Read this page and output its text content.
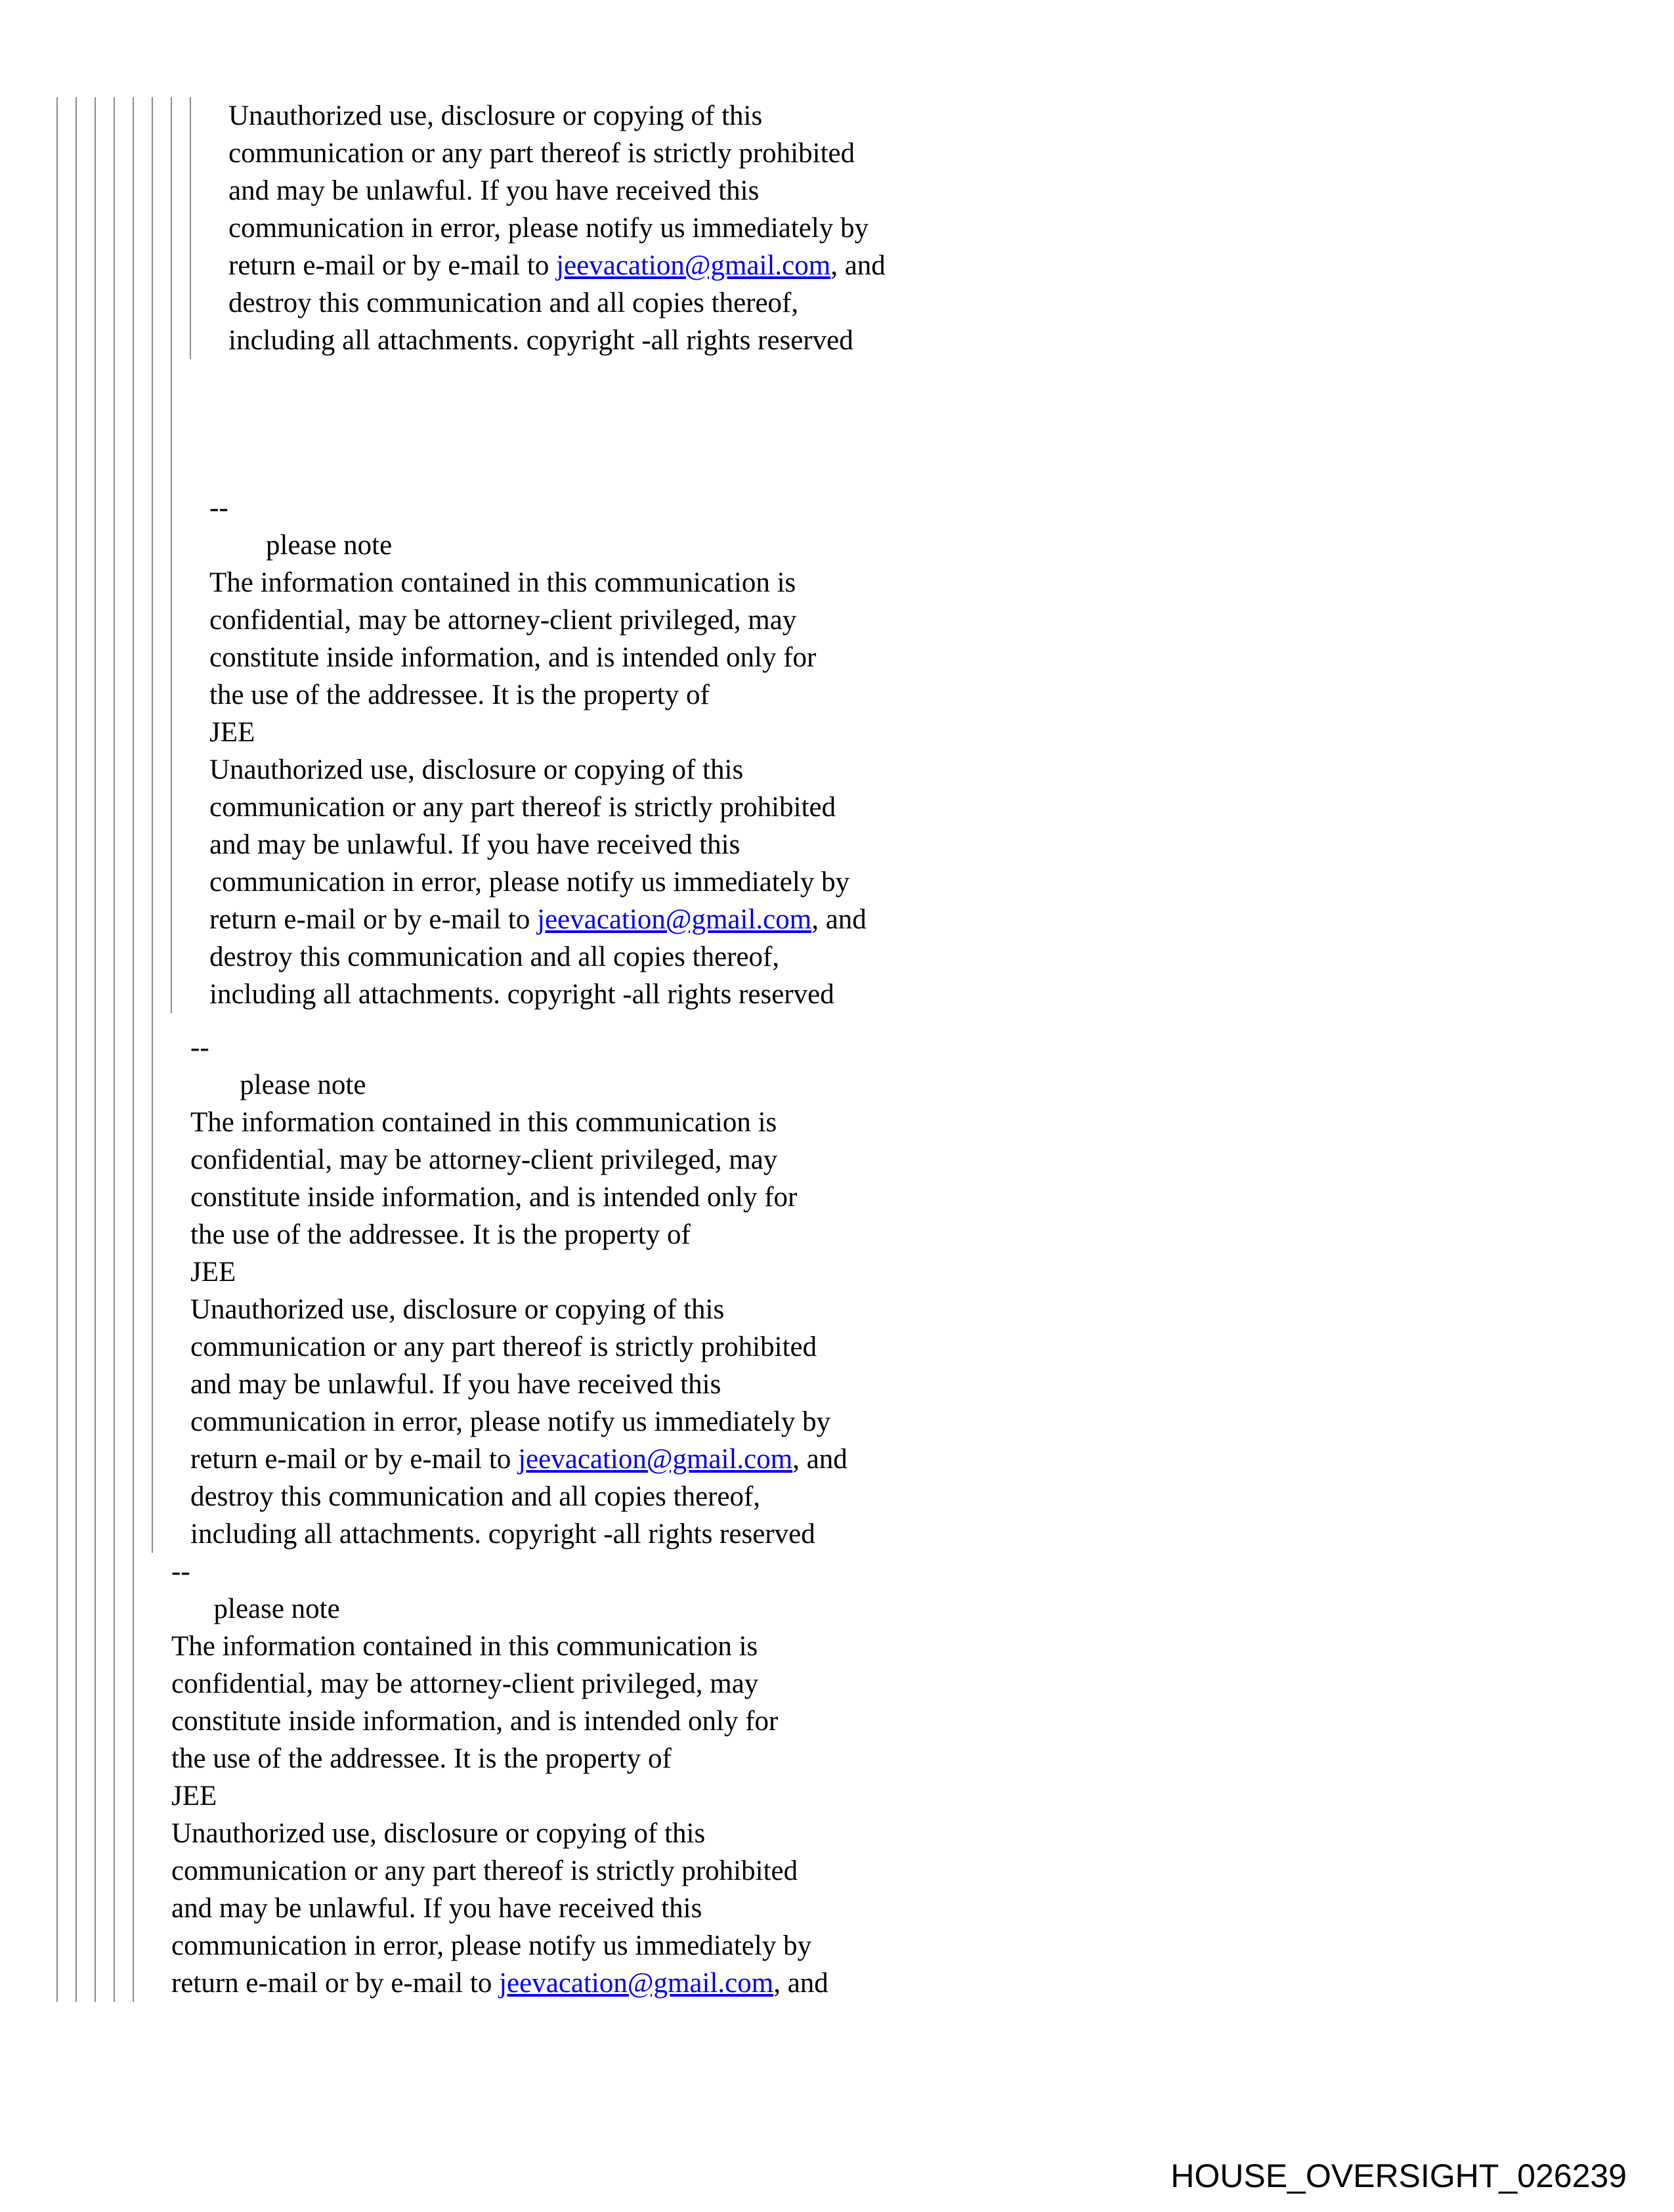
Unauthorized use, disclosure or copying of this
communication or any part thereof is strictly prohibited
and may be unlawful. If you have received this
communication in error, please notify us immediately by
return e-mail or by e-mail to jeevacation@gmail.com, and
destroy this communication and all copies thereof,
including all attachments. copyright -all rights reserved
--
please note
The information contained in this communication is
confidential, may be attorney-client privileged, may
constitute inside information, and is intended only for
the use of the addressee. It is the property of
JEE
Unauthorized use, disclosure or copying of this
communication or any part thereof is strictly prohibited
and may be unlawful. If you have received this
communication in error, please notify us immediately by
return e-mail or by e-mail to jeevacation@gmail.com, and
destroy this communication and all copies thereof,
including all attachments. copyright -all rights reserved
--
please note
The information contained in this communication is
confidential, may be attorney-client privileged, may
constitute inside information, and is intended only for
the use of the addressee. It is the property of
JEE
Unauthorized use, disclosure or copying of this
communication or any part thereof is strictly prohibited
and may be unlawful. If you have received this
communication in error, please notify us immediately by
return e-mail or by e-mail to jeevacation@gmail.com, and
destroy this communication and all copies thereof,
including all attachments. copyright -all rights reserved
--
please note
The information contained in this communication is
confidential, may be attorney-client privileged, may
constitute inside information, and is intended only for
the use of the addressee. It is the property of
JEE
Unauthorized use, disclosure or copying of this
communication or any part thereof is strictly prohibited
and may be unlawful. If you have received this
communication in error, please notify us immediately by
return e-mail or by e-mail to jeevacation@gmail.com, and
HOUSE_OVERSIGHT_026239
